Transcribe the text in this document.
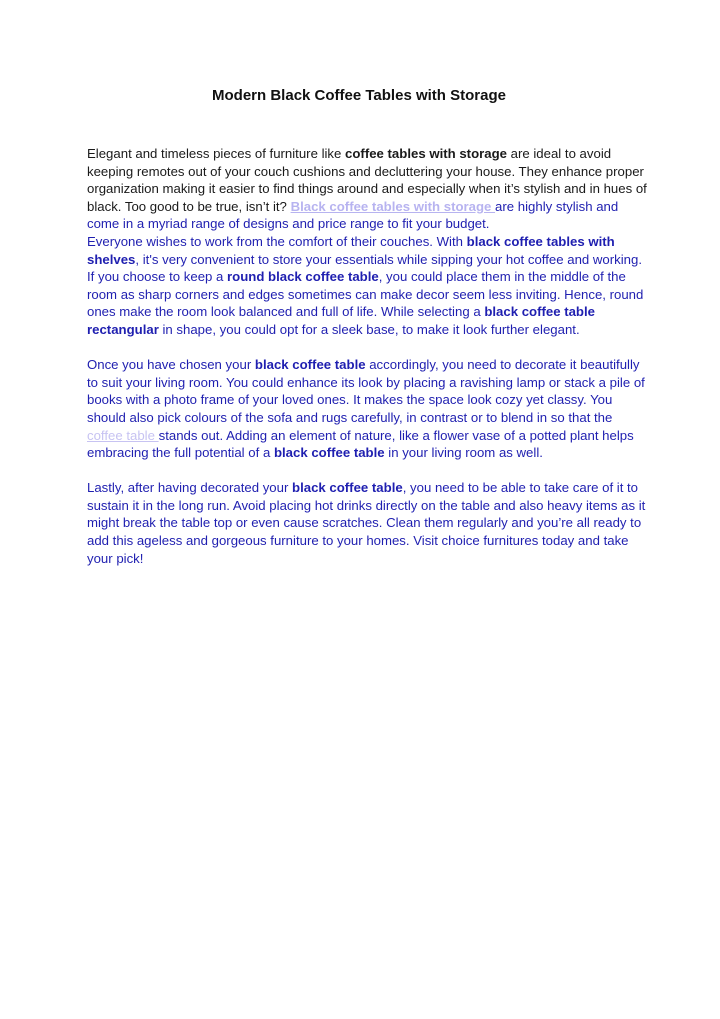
Modern Black Coffee Tables with Storage

Elegant and timeless pieces of furniture like coffee tables with storage are ideal to avoid keeping remotes out of your couch cushions and decluttering your house. They enhance proper organization making it easier to find things around and especially when it’s stylish and in hues of black. Too good to be true, isn’t it? Black coffee tables with storage are highly stylish and come in a myriad range of designs and price range to fit your budget.
Everyone wishes to work from the comfort of their couches. With black coffee tables with shelves, it's very convenient to store your essentials while sipping your hot coffee and working. If you choose to keep a round black coffee table, you could place them in the middle of the room as sharp corners and edges sometimes can make decor seem less inviting. Hence, round ones make the room look balanced and full of life. While selecting a black coffee table rectangular in shape, you could opt for a sleek base, to make it look further elegant.

Once you have chosen your black coffee table accordingly, you need to decorate it beautifully to suit your living room. You could enhance its look by placing a ravishing lamp or stack a pile of books with a photo frame of your loved ones. It makes the space look cozy yet classy. You should also pick colours of the sofa and rugs carefully, in contrast or to blend in so that the coffee table stands out. Adding an element of nature, like a flower vase of a potted plant helps embracing the full potential of a black coffee table in your living room as well.

Lastly, after having decorated your black coffee table, you need to be able to take care of it to sustain it in the long run. Avoid placing hot drinks directly on the table and also heavy items as it might break the table top or even cause scratches. Clean them regularly and you’re all ready to add this ageless and gorgeous furniture to your homes. Visit choice furnitures today and take your pick!
